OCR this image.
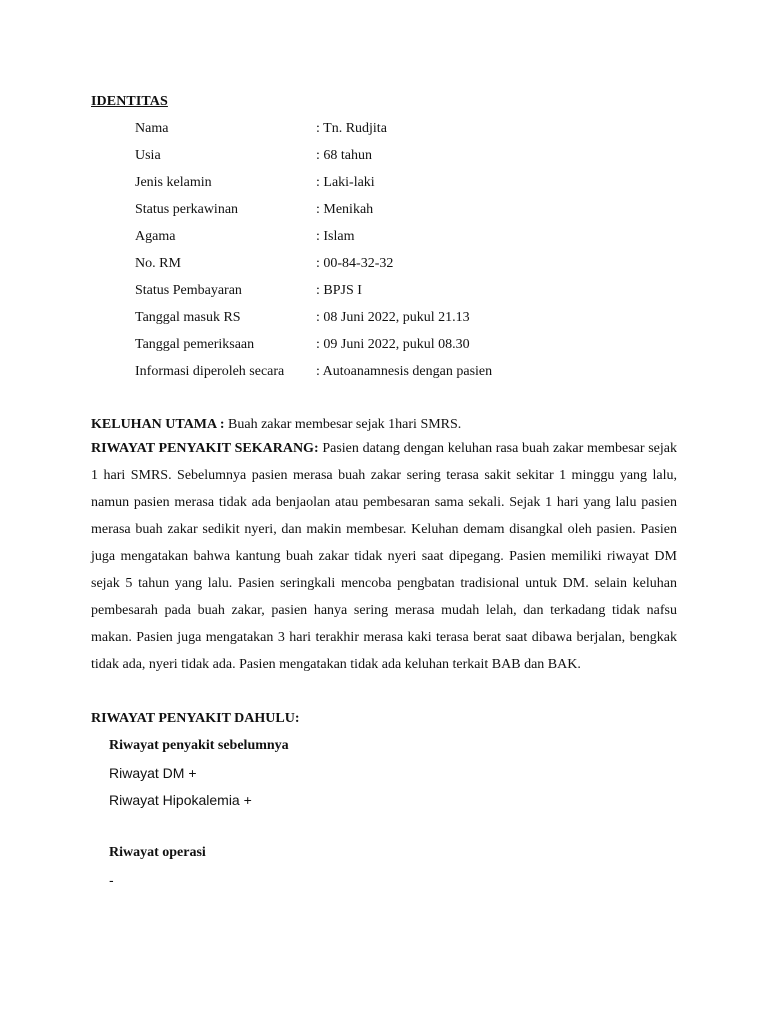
IDENTITAS
Nama	: Tn. Rudjita
Usia	: 68 tahun
Jenis kelamin	: Laki-laki
Status perkawinan	: Menikah
Agama	: Islam
No. RM	: 00-84-32-32
Status Pembayaran	: BPJS I
Tanggal masuk RS	: 08 Juni 2022, pukul 21.13
Tanggal pemeriksaan	: 09 Juni 2022, pukul 08.30
Informasi diperoleh secara	: Autoanamnesis dengan pasien
KELUHAN UTAMA : Buah zakar membesar sejak 1hari SMRS.
RIWAYAT PENYAKIT SEKARANG: Pasien datang dengan keluhan rasa buah zakar membesar sejak 1 hari SMRS. Sebelumnya pasien merasa buah zakar sering terasa sakit sekitar 1 minggu yang lalu, namun pasien merasa tidak ada benjaolan atau pembesaran sama sekali. Sejak 1 hari yang lalu pasien merasa buah zakar sedikit nyeri, dan makin membesar. Keluhan demam disangkal oleh pasien. Pasien juga mengatakan bahwa kantung buah zakar tidak nyeri saat dipegang. Pasien memiliki riwayat DM sejak 5 tahun yang lalu. Pasien seringkali mencoba pengbatan tradisional untuk DM. selain keluhan pembesarah pada buah zakar, pasien hanya sering merasa mudah lelah, dan terkadang tidak nafsu makan. Pasien juga mengatakan 3 hari terakhir merasa kaki terasa berat saat dibawa berjalan, bengkak tidak ada, nyeri tidak ada. Pasien mengatakan tidak ada keluhan terkait BAB dan BAK.
RIWAYAT PENYAKIT DAHULU:
Riwayat penyakit sebelumnya
Riwayat DM +
Riwayat Hipokalemia +
Riwayat operasi
-
